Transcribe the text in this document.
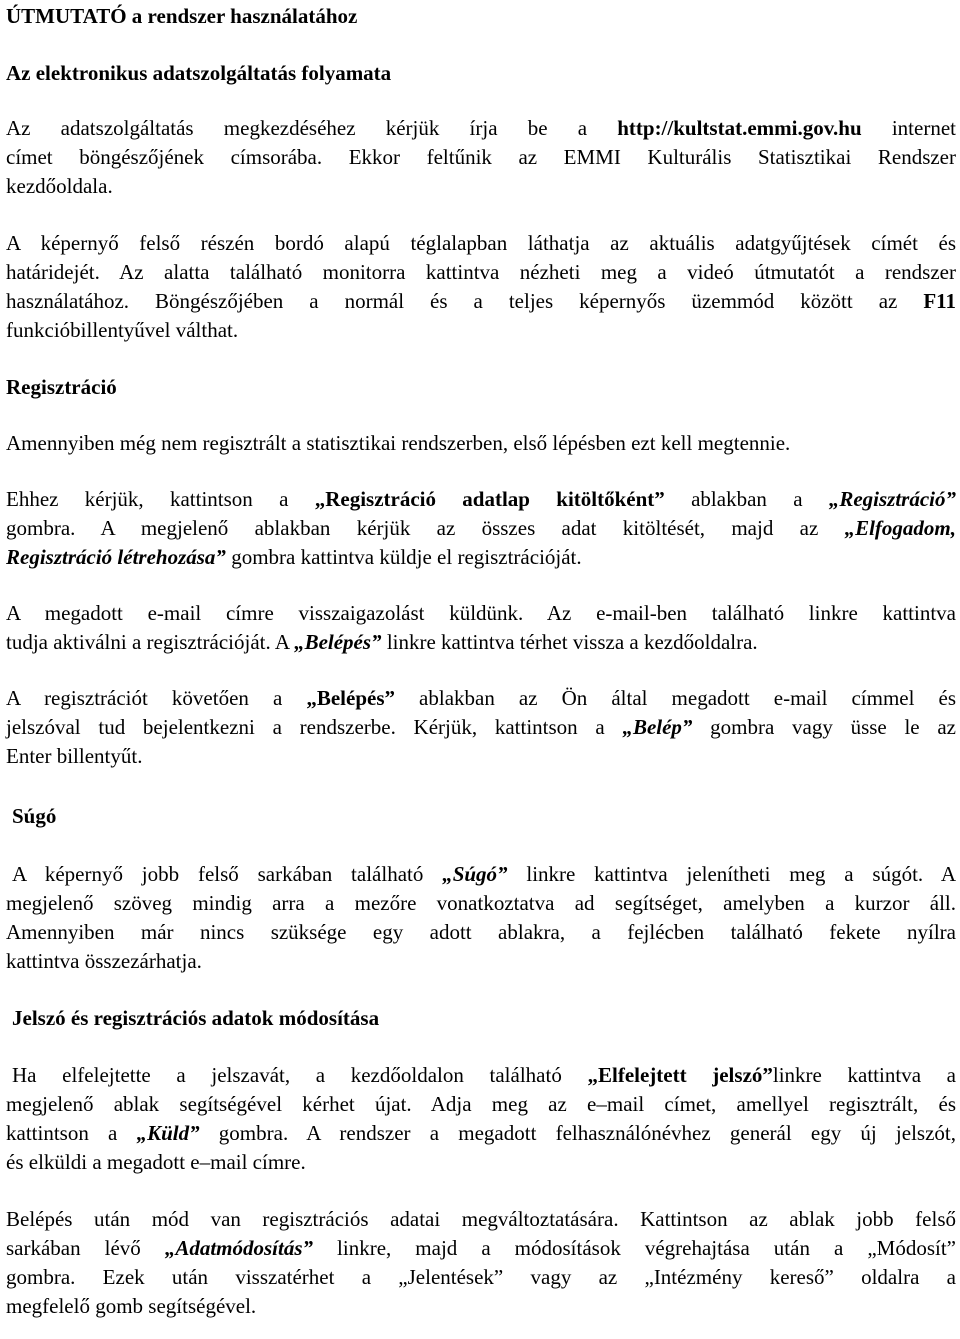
ÚTMUTATÓ a rendszer használatához
Az elektronikus adatszolgáltatás folyamata
Az adatszolgáltatás megkezdéséhez kérjük írja be a http://kultstat.emmi.gov.hu internet
címet böngészőjének címsorába. Ekkor feltűnik az EMMI Kulturális Statisztikai Rendszer
kezdőoldala.
A képernyő felső részén bordó alapú téglalapban láthatja az aktuális adatgyűjtések címét és
határidejét. Az alatta található monitorra kattintva nézheti meg a videó útmutatót a rendszer
használatához. Böngészőjében a normál és a teljes képernyős üzemmód között az F11
funkcióbillentyűvel válthat.
Regisztráció
Amennyiben még nem regisztrált a statisztikai rendszerben, első lépésben ezt kell megtennie.
Ehhez kérjük, kattintson a „Regisztráció adatlap kitöltőként” ablakban a „Regisztráció”
gombra. A megjelenő ablakban kérjük az összes adat kitöltését, majd az „Elfogadom,
Regisztráció létrehozása” gombra kattintva küldje el regisztrációját.
A megadott e-mail címre visszaigazolást küldünk. Az e-mail-ben található linkre kattintva
tudja aktiválni a regisztrációját. A „Belépés” linkre kattintva térhet vissza a kezdőoldalra.
A regisztrációt követően a „Belépés” ablakban az Ön által megadott e-mail címmel és
jelszóval tud bejelentkezni a rendszerbe. Kérjük, kattintson a „Belép” gombra vagy üsse le az
Enter billentyűt.
Súgó
A képernyő jobb felső sarkában található „Súgó” linkre kattintva jelenítheti meg a súgót. A
megjelenő szöveg mindig arra a mezőre vonatkoztatva ad segítséget, amelyben a kurzor áll.
Amennyiben már nincs szüksége egy adott ablakra, a fejlécben található fekete nyílra
kattintva összezárhatja.
Jelszó és regisztrációs adatok módosítása
Ha elfelejtette a jelszavát, a kezdőoldalon található „Elfelejtett jelszó”linkre kattintva a
megjelenő ablak segítségével kérhet újat. Adja meg az e–mail címet, amellyel regisztrált, és
kattintson a „Küld” gombra. A rendszer a megadott felhasználónévhez generál egy új jelszót,
és elküldi a megadott e–mail címre.
Belépés után mód van regisztrációs adatai megváltoztatására. Kattintson az ablak jobb felső
sarkában lévő „Adatmódosítás” linkre, majd a módosítások végrehajtása után a „Módosít”
gombra. Ezek után visszatérhet a „Jelentések” vagy az „Intézmény kereső” oldalra a
megfelelő gomb segítségével.
